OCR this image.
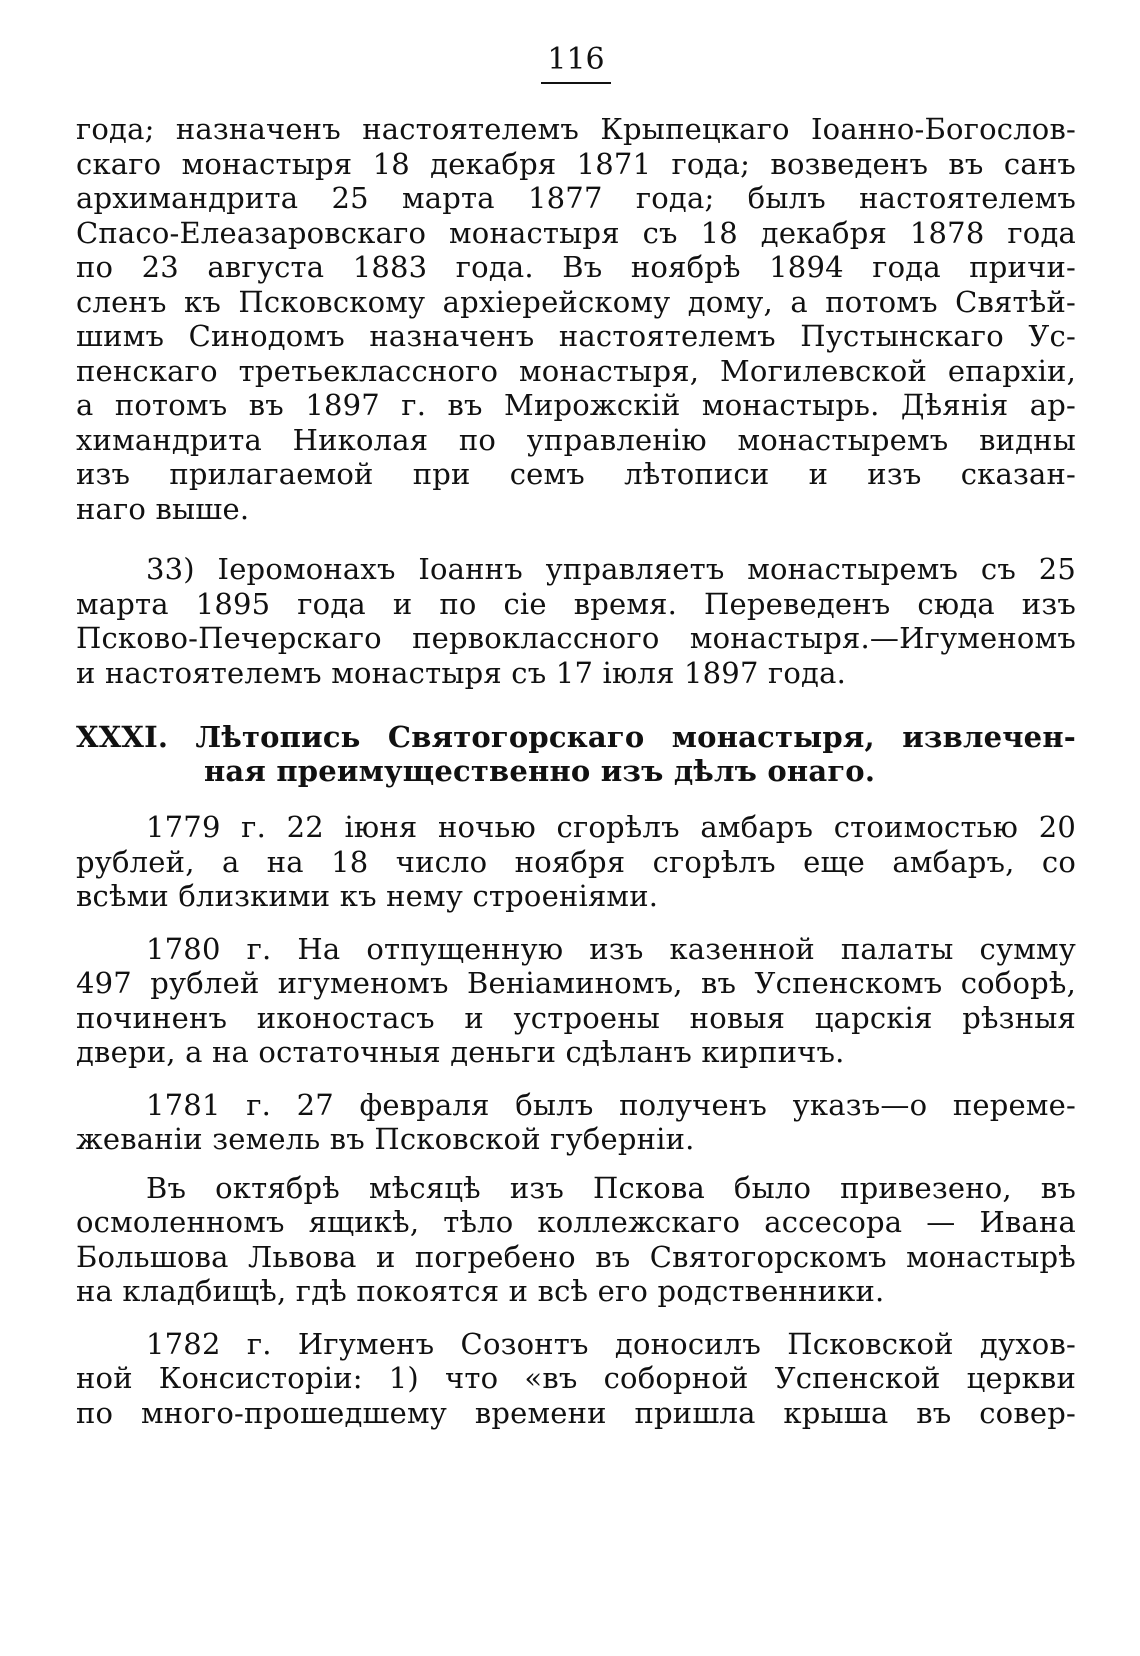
116
года; назначенъ настоятелемъ Крыпецкаго Іоанно-Богослов-
скаго монастыря 18 декабря 1871 года; возведенъ въ санъ
архимандрита 25 марта 1877 года; былъ настоятелемъ
Спасо-Елеазаровскаго монастыря съ 18 декабря 1878 года
по 23 августа 1883 года. Въ ноябрѣ 1894 года причи-
сленъ къ Псковскому архіерейскому дому, а потомъ Святѣй-
шимъ Синодомъ назначенъ настоятелемъ Пустынскаго Ус-
пенскаго третьеклассного монастыря, Могилевской епархіи,
а потомъ въ 1897 г. въ Мирожскій монастырь. Дѣянія ар-
химандрита Николая по управленію монастыремъ видны
изъ прилагаемой при семъ лѣтописи и изъ сказан-
наго выше.
33) Іеромонахъ Іоаннъ управляетъ монастыремъ съ 25
марта 1895 года и по сіе время. Переведенъ сюда изъ
Псково-Печерскаго первоклассного монастыря.—Игуменомъ
и настоятелемъ монастыря съ 17 іюля 1897 года.
XXXI. Лѣтопись Святогорскаго монастыря, извлечен-
ная преимущественно изъ дѣлъ онаго.
1779 г. 22 іюня ночью сгорѣлъ амбаръ стоимостью 20
рублей, а на 18 число ноября сгорѣлъ еще амбаръ, со
всѣми близкими къ нему строеніями.
1780 г. На отпущенную изъ казенной палаты сумму
497 рублей игуменомъ Веніаминомъ, въ Успенскомъ соборѣ,
починенъ иконостасъ и устроены новыя царскія рѣзныя
двери, а на остаточныя деньги сдѣланъ кирпичъ.
1781 г. 27 февраля былъ полученъ указъ—о переме-
жеваніи земель въ Псковской губерніи.
Въ октябрѣ мѣсяцѣ изъ Пскова было привезено, въ
осмоленномъ ящикѣ, тѣло коллежскаго ассесора — Ивана
Большова Львова и погребено въ Святогорскомъ монастырѣ
на кладбищѣ, гдѣ покоятся и всѣ его родственники.
1782 г. Игуменъ Созонтъ доносилъ Псковской духов-
ной Консисторіи: 1) что «въ соборной Успенской церкви
по много-прошедшему времени пришла крыша въ совер-
